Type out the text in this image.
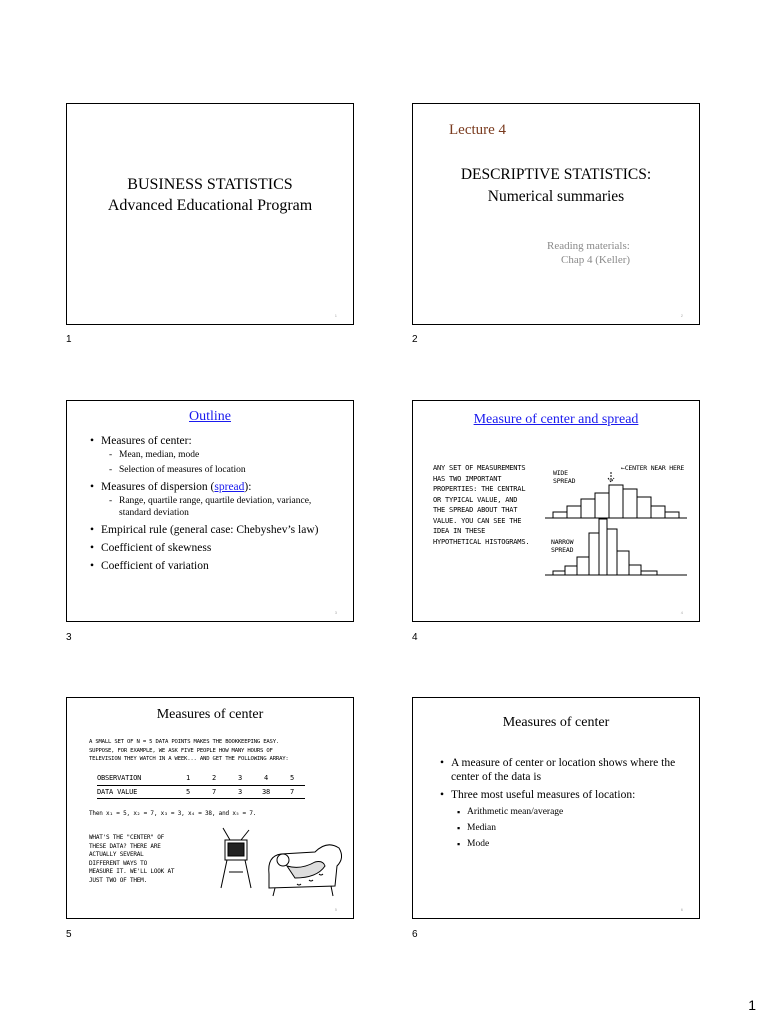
BUSINESS STATISTICS
Advanced Educational Program
1
1
Lecture 4
DESCRIPTIVE STATISTICS:
Numerical summaries
Reading materials:
Chap 4 (Keller)
2
2
Outline
• Measures of center:
- Mean, median, mode
- Selection of measures of location
• Measures of dispersion (spread):
- Range, quartile range, quartile deviation, variance, standard deviation
• Empirical rule (general case: Chebyshev’s law)
• Coefficient of skewness
• Coefficient of variation
3
3
Measure of center and spread
ANY SET OF MEASUREMENTS
HAS TWO IMPORTANT
PROPERTIES: THE CENTRAL
OR TYPICAL VALUE, AND
THE SPREAD ABOUT THAT
VALUE. YOU CAN SEE THE
IDEA IN THESE
HYPOTHETICAL HISTOGRAMS.
WIDE
SPREAD
←CENTER NEAR HERE
NARROW
SPREAD
4
4
Measures of center
A SMALL SET OF N = 5 DATA POINTS MAKES THE BOOKKEEPING EASY.
SUPPOSE, FOR EXAMPLE, WE ASK FIVE PEOPLE HOW MANY HOURS OF
TELEVISION THEY WATCH IN A WEEK... AND GET THE FOLLOWING ARRAY:
OBSERVATION	1	2	3	4	5
DATA VALUE	5	7	3	38	7
Then x₁ = 5, x₂ = 7, x₃ = 3, x₄ = 38, and x₅ = 7.
WHAT'S THE "CENTER" OF
THESE DATA? THERE ARE
ACTUALLY SEVERAL
DIFFERENT WAYS TO
MEASURE IT. WE'LL LOOK AT
JUST TWO OF THEM.
5
5
Measures of center
• A measure of center or location shows where the center of the data is
• Three most useful measures of location:
▪ Arithmetic mean/average
▪ Median
▪ Mode
6
6
1
